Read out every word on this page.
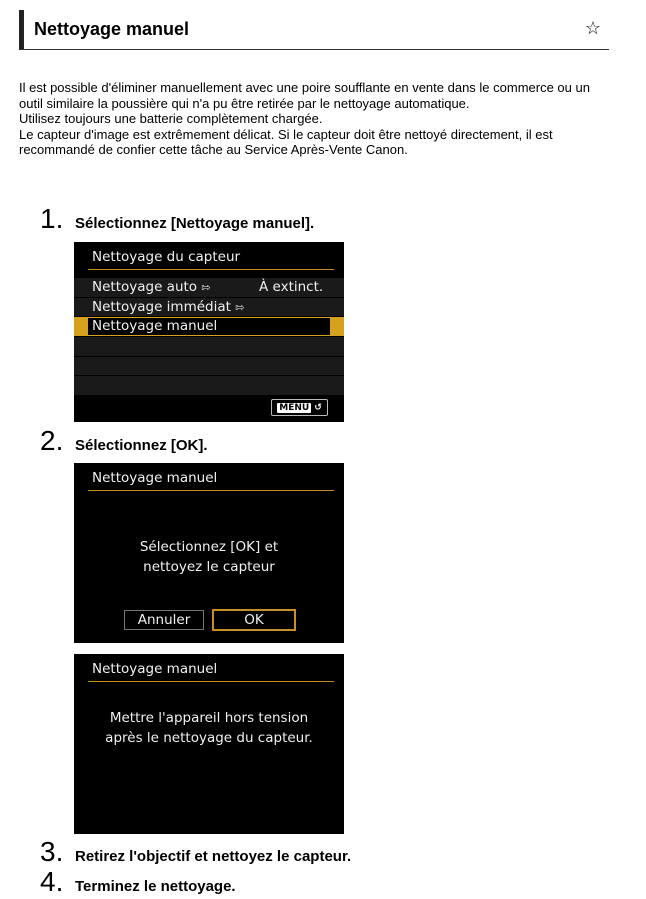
Nettoyage manuel	☆

Il est possible d'éliminer manuellement avec une poire soufflante en vente dans le commerce ou un outil similaire la poussière qui n'a pu être retirée par le nettoyage automatique.

Utilisez toujours une batterie complètement chargée.

Le capteur d'image est extrêmement délicat. Si le capteur doit être nettoyé directement, il est recommandé de confier cette tâche au Service Après-Vente Canon.

1. Sélectionnez [Nettoyage manuel].
Nettoyage du capteur
Nettoyage auto ⇰	À extinct.
Nettoyage immédiat ⇰
Nettoyage manuel
MENU ↺
2. Sélectionnez [OK].
Nettoyage manuel
Sélectionnez [OK] et
nettoyez le capteur
Annuler	OK
Nettoyage manuel
Mettre l'appareil hors tension
après le nettoyage du capteur.
3. Retirez l'objectif et nettoyez le capteur.
4. Terminez le nettoyage.
